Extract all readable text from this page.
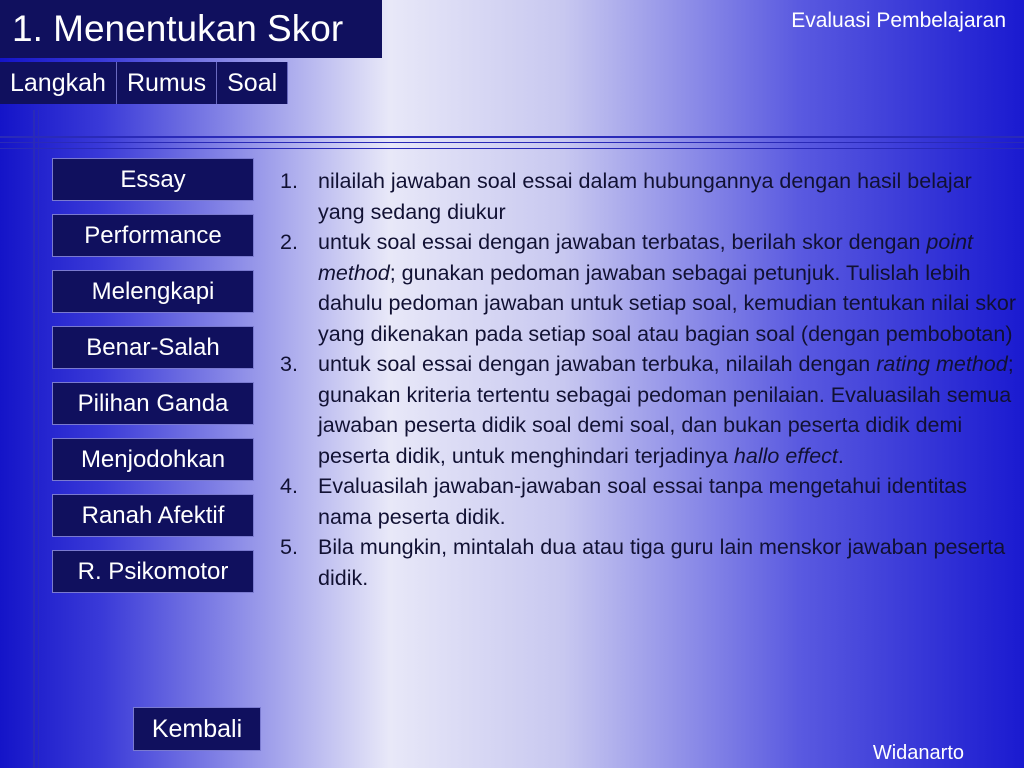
1. Menentukan Skor	Evaluasi Pembelajaran
Langkah Rumus Soal
Essay
Performance
Melengkapi
Benar-Salah
Pilihan Ganda
Menjodohkan
Ranah Afektif
R. Psikomotor
1. nilailah jawaban soal essai dalam hubungannya dengan hasil belajar yang sedang diukur
2. untuk soal essai dengan jawaban terbatas, berilah skor dengan point method; gunakan pedoman jawaban sebagai petunjuk. Tulislah lebih dahulu pedoman jawaban untuk setiap soal, kemudian tentukan nilai skor yang dikenakan pada setiap soal atau bagian soal (dengan pembobotan)
3. untuk soal essai dengan jawaban terbuka, nilailah dengan rating method; gunakan kriteria tertentu sebagai pedoman penilaian. Evaluasilah semua jawaban peserta didik soal demi soal, dan bukan peserta didik demi peserta didik, untuk menghindari terjadinya hallo effect.
4. Evaluasilah jawaban-jawaban soal essai tanpa mengetahui identitas nama peserta didik.
5. Bila mungkin, mintalah dua atau tiga guru lain menskor jawaban peserta didik.
Kembali
Widanarto
